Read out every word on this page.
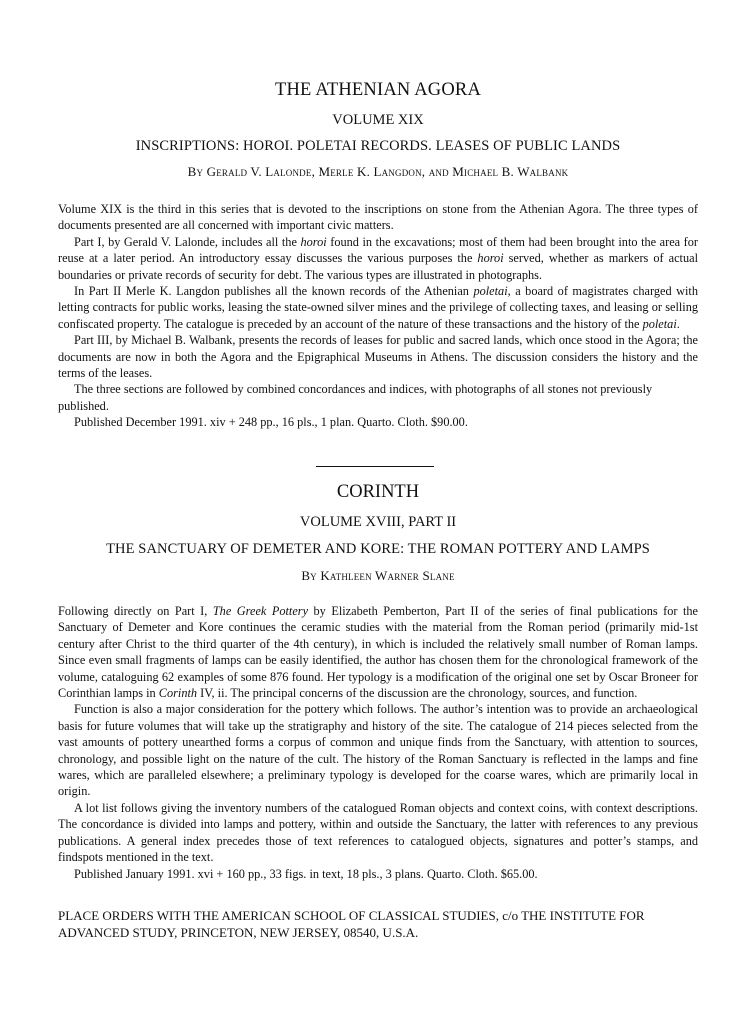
THE ATHENIAN AGORA
VOLUME XIX
INSCRIPTIONS: HOROI. POLETAI RECORDS. LEASES OF PUBLIC LANDS
By Gerald V. Lalonde, Merle K. Langdon, and Michael B. Walbank

Volume XIX is the third in this series that is devoted to the inscriptions on stone from the Athenian Agora. The three types of documents presented are all concerned with important civic matters.

Part I, by Gerald V. Lalonde, includes all the horoi found in the excavations; most of them had been brought into the area for reuse at a later period. An introductory essay discusses the various purposes the horoi served, whether as markers of actual boundaries or private records of security for debt. The various types are illustrated in photographs.

In Part II Merle K. Langdon publishes all the known records of the Athenian poletai, a board of magistrates charged with letting contracts for public works, leasing the state-owned silver mines and the privilege of collecting taxes, and leasing or selling confiscated property. The catalogue is preceded by an account of the nature of these transactions and the history of the poletai.

Part III, by Michael B. Walbank, presents the records of leases for public and sacred lands, which once stood in the Agora; the documents are now in both the Agora and the Epigraphical Museums in Athens. The discussion considers the history and the terms of the leases.

The three sections are followed by combined concordances and indices, with photographs of all stones not previously published.

Published December 1991. xiv + 248 pp., 16 pls., 1 plan. Quarto. Cloth. $90.00.

CORINTH
VOLUME XVIII, PART II
THE SANCTUARY OF DEMETER AND KORE: THE ROMAN POTTERY AND LAMPS
By Kathleen Warner Slane

Following directly on Part I, The Greek Pottery by Elizabeth Pemberton, Part II of the series of final publications for the Sanctuary of Demeter and Kore continues the ceramic studies with the material from the Roman period (primarily mid-1st century after Christ to the third quarter of the 4th century), in which is included the relatively small number of Roman lamps. Since even small fragments of lamps can be easily identified, the author has chosen them for the chronological framework of the volume, cataloguing 62 examples of some 876 found. Her typology is a modification of the original one set by Oscar Broneer for Corinthian lamps in Corinth IV, ii. The principal concerns of the discussion are the chronology, sources, and function.

Function is also a major consideration for the pottery which follows. The author’s intention was to provide an archaeological basis for future volumes that will take up the stratigraphy and history of the site. The catalogue of 214 pieces selected from the vast amounts of pottery unearthed forms a corpus of common and unique finds from the Sanctuary, with attention to sources, chronology, and possible light on the nature of the cult. The history of the Roman Sanctuary is reflected in the lamps and fine wares, which are paralleled elsewhere; a preliminary typology is developed for the coarse wares, which are primarily local in origin.

A lot list follows giving the inventory numbers of the catalogued Roman objects and context coins, with context descriptions. The concordance is divided into lamps and pottery, within and outside the Sanctuary, the latter with references to any previous publications. A general index precedes those of text references to catalogued objects, signatures and potter’s stamps, and findspots mentioned in the text.

Published January 1991. xvi + 160 pp., 33 figs. in text, 18 pls., 3 plans. Quarto. Cloth. $65.00.

PLACE ORDERS WITH THE AMERICAN SCHOOL OF CLASSICAL STUDIES, c/o THE INSTITUTE FOR ADVANCED STUDY, PRINCETON, NEW JERSEY, 08540, U.S.A.
